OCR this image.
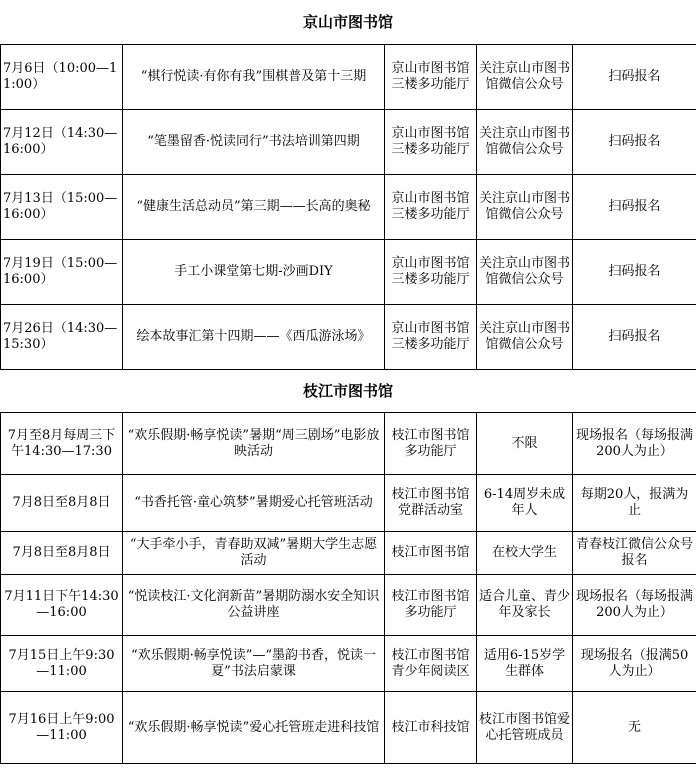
京山市图书馆
7月6日（10:00—11:00）	“棋行悦读·有你有我”围棋普及第十三期	京山市图书馆三楼多功能厅	关注京山市图书馆微信公众号	扫码报名
7月12日（14:30—16:00）	“笔墨留香·悦读同行”书法培训第四期	京山市图书馆三楼多功能厅	关注京山市图书馆微信公众号	扫码报名
7月13日（15:00—16:00）	“健康生活总动员”第三期——长高的奥秘	京山市图书馆三楼多功能厅	关注京山市图书馆微信公众号	扫码报名
7月19日（15:00—16:00）	手工小课堂第七期-沙画DIY	京山市图书馆三楼多功能厅	关注京山市图书馆微信公众号	扫码报名
7月26日（14:30—15:30）	绘本故事汇第十四期——《西瓜游泳场》	京山市图书馆三楼多功能厅	关注京山市图书馆微信公众号	扫码报名
枝江市图书馆
7月至8月每周三下午14:30—17:30	“欢乐假期·畅享悦读”暑期“周三剧场”电影放映活动	枝江市图书馆多功能厅	不限	现场报名（每场报满200人为止）
7月8日至8月8日	“书香托管·童心筑梦”暑期爱心托管班活动	枝江市图书馆党群活动室	6-14周岁未成年人	每期20人，报满为止
7月8日至8月8日	“大手牵小手，青春助双减”暑期大学生志愿活动	枝江市图书馆	在校大学生	青春枝江微信公众号报名
7月11日下午14:30—16:00	“悦读枝江·文化润新苗”暑期防溺水安全知识公益讲座	枝江市图书馆多功能厅	适合儿童、青少年及家长	现场报名（每场报满200人为止）
7月15日上午9:30—11:00	“欢乐假期·畅享悦读”—“墨韵书香，悦读一夏”书法启蒙课	枝江市图书馆青少年阅读区	适用6-15岁学生群体	现场报名（报满50人为止）
7月16日上午9:00—11:00	“欢乐假期·畅享悦读”爱心托管班走进科技馆	枝江市科技馆	枝江市图书馆爱心托管班成员	无
